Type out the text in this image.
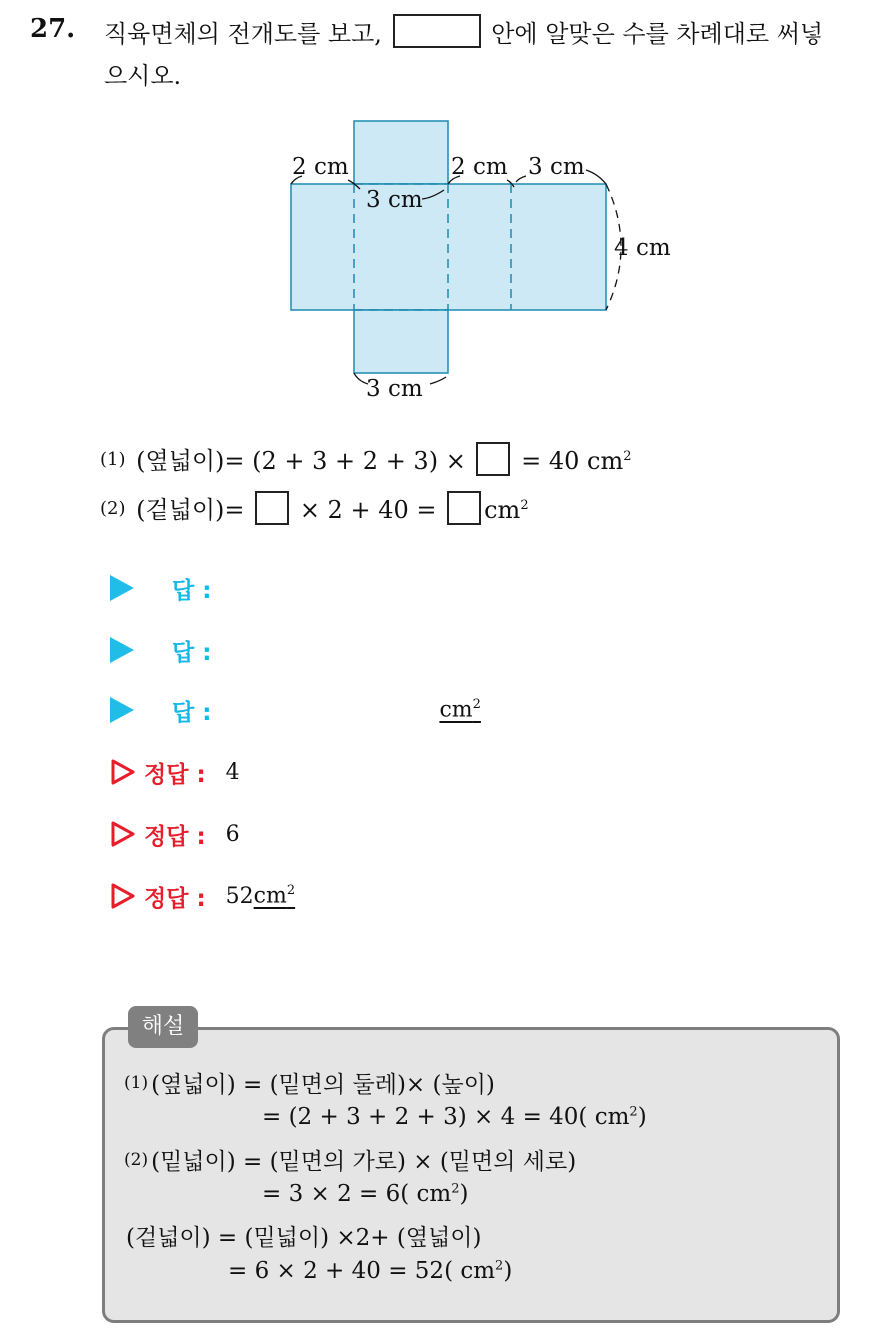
27. 직육면체의 전개도를 보고,	안에 알맞은 수를 차례대로 써넣
으시오.
2 cm
3 cm
2 cm 3 cm
4 cm
3 cm
(1) (옆넓이)= (2 + 3 + 2 + 3) × = 40 $cm^2$
(2) (겉넓이)= × $2 + 40 = cm^2$
답 :
답 :
답 :	$cm^2$
정답 : 4
정답 : 6
정답 : 52 $cm^2$
해설
(1) (옆넓이) = (밑면의 둘레)× (높이)
= (2 + 3 + 2 + 3) × 4 = 40( $cm^2$)
(2) (밑넓이) = (밑면의 가로) × (밑면의 세로)
= 3 × 2 = 6( $cm^2$)
(겉넓이) = (밑넓이) ×2+ (옆넓이)
= 6 × 2 + 40 = 52( $cm^2$)
